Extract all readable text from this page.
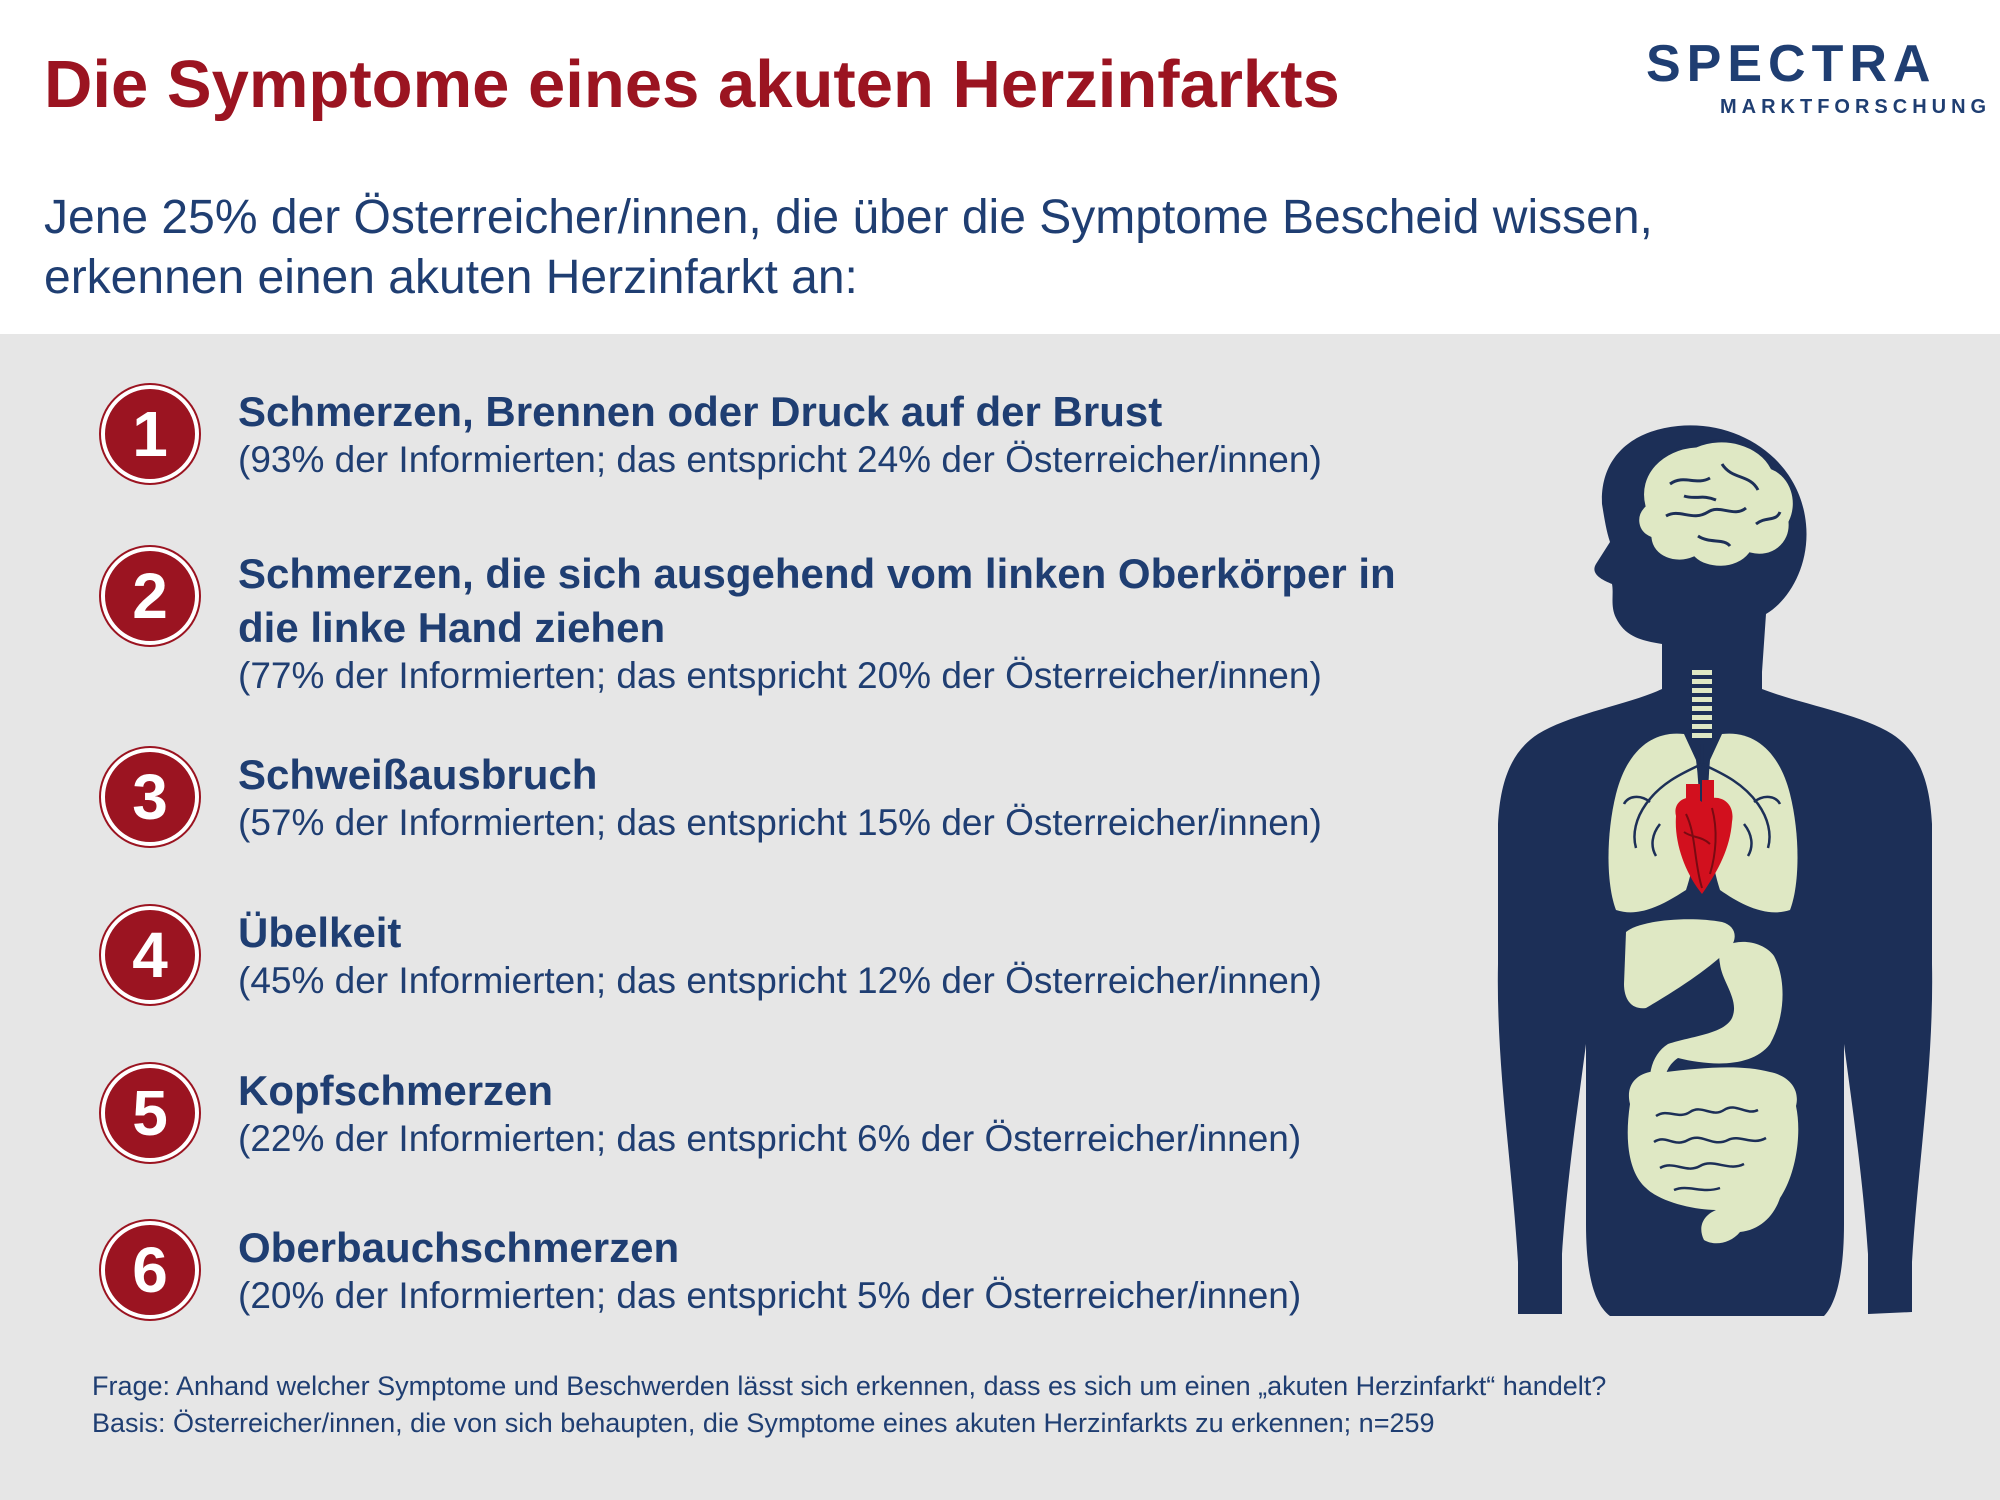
Die Symptome eines akuten Herzinfarkts	SPECTRA
MARKTFORSCHUNG
Jene 25% der Österreicher/innen, die über die Symptome Bescheid wissen,
erkennen einen akuten Herzinfarkt an:
1 Schmerzen, Brennen oder Druck auf der Brust
(93% der Informierten; das entspricht 24% der Österreicher/innen)
2 Schmerzen, die sich ausgehend vom linken Oberkörper in die linke Hand ziehen
(77% der Informierten; das entspricht 20% der Österreicher/innen)
3 Schweißausbruch
(57% der Informierten; das entspricht 15% der Österreicher/innen)
4 Übelkeit
(45% der Informierten; das entspricht 12% der Österreicher/innen)
5 Kopfschmerzen
(22% der Informierten; das entspricht 6% der Österreicher/innen)
6 Oberbauchschmerzen
(20% der Informierten; das entspricht 5% der Österreicher/innen)
Frage: Anhand welcher Symptome und Beschwerden lässt sich erkennen, dass es sich um einen „akuten Herzinfarkt“ handelt?
Basis: Österreicher/innen, die von sich behaupten, die Symptome eines akuten Herzinfarkts zu erkennen; n=259
